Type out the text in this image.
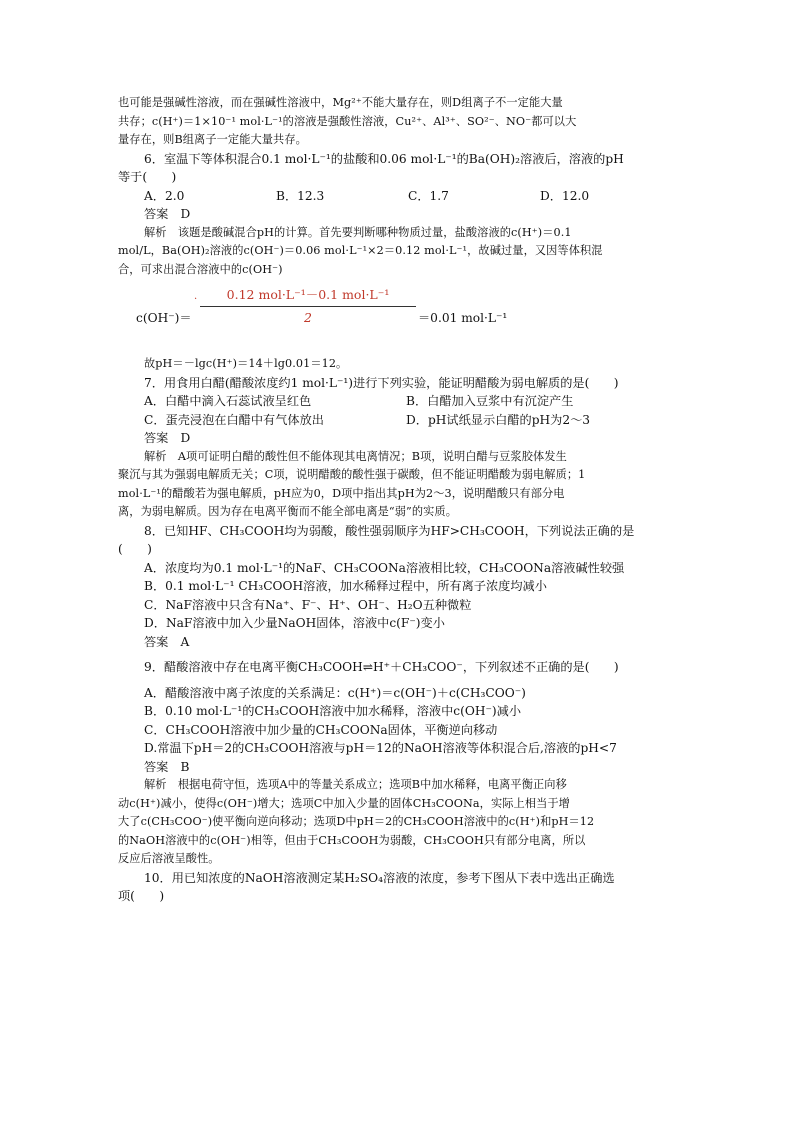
也可能是强碱性溶液，而在强碱性溶液中，Mg²⁺不能大量存在，则D组离子不一定能大量
共存；c(H⁺)＝1×10⁻¹ mol·L⁻¹的溶液是强酸性溶液，Cu²⁺、Al³⁺、SO²⁻、NO⁻都可以大
量存在，则B组离子一定能大量共存。
6．室温下等体积混合0.1 mol·L⁻¹的盐酸和0.06 mol·L⁻¹的Ba(OH)₂溶液后，溶液的pH
等于(　　)
A．2.0	B．12.3	C．1.7	D．12.0
答案　D
解析　该题是酸碱混合pH的计算。首先要判断哪种物质过量，盐酸溶液的c(H⁺)＝0.1
mol/L，Ba(OH)₂溶液的c(OH⁻)＝0.06 mol·L⁻¹×2＝0.12 mol·L⁻¹，故碱过量，又因等体积混
合，可求出混合溶液中的c(OH⁻)
c(OH⁻)＝
.	0.12 mol·L⁻¹－0.1 mol·L⁻¹
2	＝0.01 mol·L⁻¹
故pH＝－lgc(H⁺)＝14＋lg0.01＝12。
7．用食用白醋(醋酸浓度约1 mol·L⁻¹)进行下列实验，能证明醋酸为弱电解质的是(　　)
A．白醋中滴入石蕊试液呈红色	B．白醋加入豆浆中有沉淀产生
C．蛋壳浸泡在白醋中有气体放出	D．pH试纸显示白醋的pH为2～3
答案　D
解析　A项可证明白醋的酸性但不能体现其电离情况；B项，说明白醋与豆浆胶体发生
聚沉与其为强弱电解质无关；C项，说明醋酸的酸性强于碳酸，但不能证明醋酸为弱电解质；1
mol·L⁻¹的醋酸若为强电解质，pH应为0，D项中指出其pH为2～3，说明醋酸只有部分电
离，为弱电解质。因为存在电离平衡而不能全部电离是“弱”的实质。
8．已知HF、CH₃COOH均为弱酸，酸性强弱顺序为HF>CH₃COOH，下列说法正确的是
(　　)
A．浓度均为0.1 mol·L⁻¹的NaF、CH₃COONa溶液相比较，CH₃COONa溶液碱性较强
B．0.1 mol·L⁻¹ CH₃COOH溶液，加水稀释过程中，所有离子浓度均减小
C．NaF溶液中只含有Na⁺、F⁻、H⁺、OH⁻、H₂O五种微粒
D．NaF溶液中加入少量NaOH固体，溶液中c(F⁻)变小
答案　A
9．醋酸溶液中存在电离平衡CH₃COOH⇌H⁺＋CH₃COO⁻，下列叙述不正确的是(　　)
A．醋酸溶液中离子浓度的关系满足：c(H⁺)＝c(OH⁻)＋c(CH₃COO⁻)
B．0.10 mol·L⁻¹的CH₃COOH溶液中加水稀释，溶液中c(OH⁻)减小
C．CH₃COOH溶液中加少量的CH₃COONa固体，平衡逆向移动
D.常温下pH＝2的CH₃COOH溶液与pH＝12的NaOH溶液等体积混合后,溶液的pH<7
答案　B
解析　根据电荷守恒，选项A中的等量关系成立；选项B中加水稀释，电离平衡正向移
动c(H⁺)减小，使得c(OH⁻)增大；选项C中加入少量的固体CH₃COONa，实际上相当于增
大了c(CH₃COO⁻)使平衡向逆向移动；选项D中pH＝2的CH₃COOH溶液中的c(H⁺)和pH＝12
的NaOH溶液中的c(OH⁻)相等，但由于CH₃COOH为弱酸，CH₃COOH只有部分电离，所以
反应后溶液呈酸性。
10．用已知浓度的NaOH溶液测定某H₂SO₄溶液的浓度，参考下图从下表中选出正确选
项(　　)
